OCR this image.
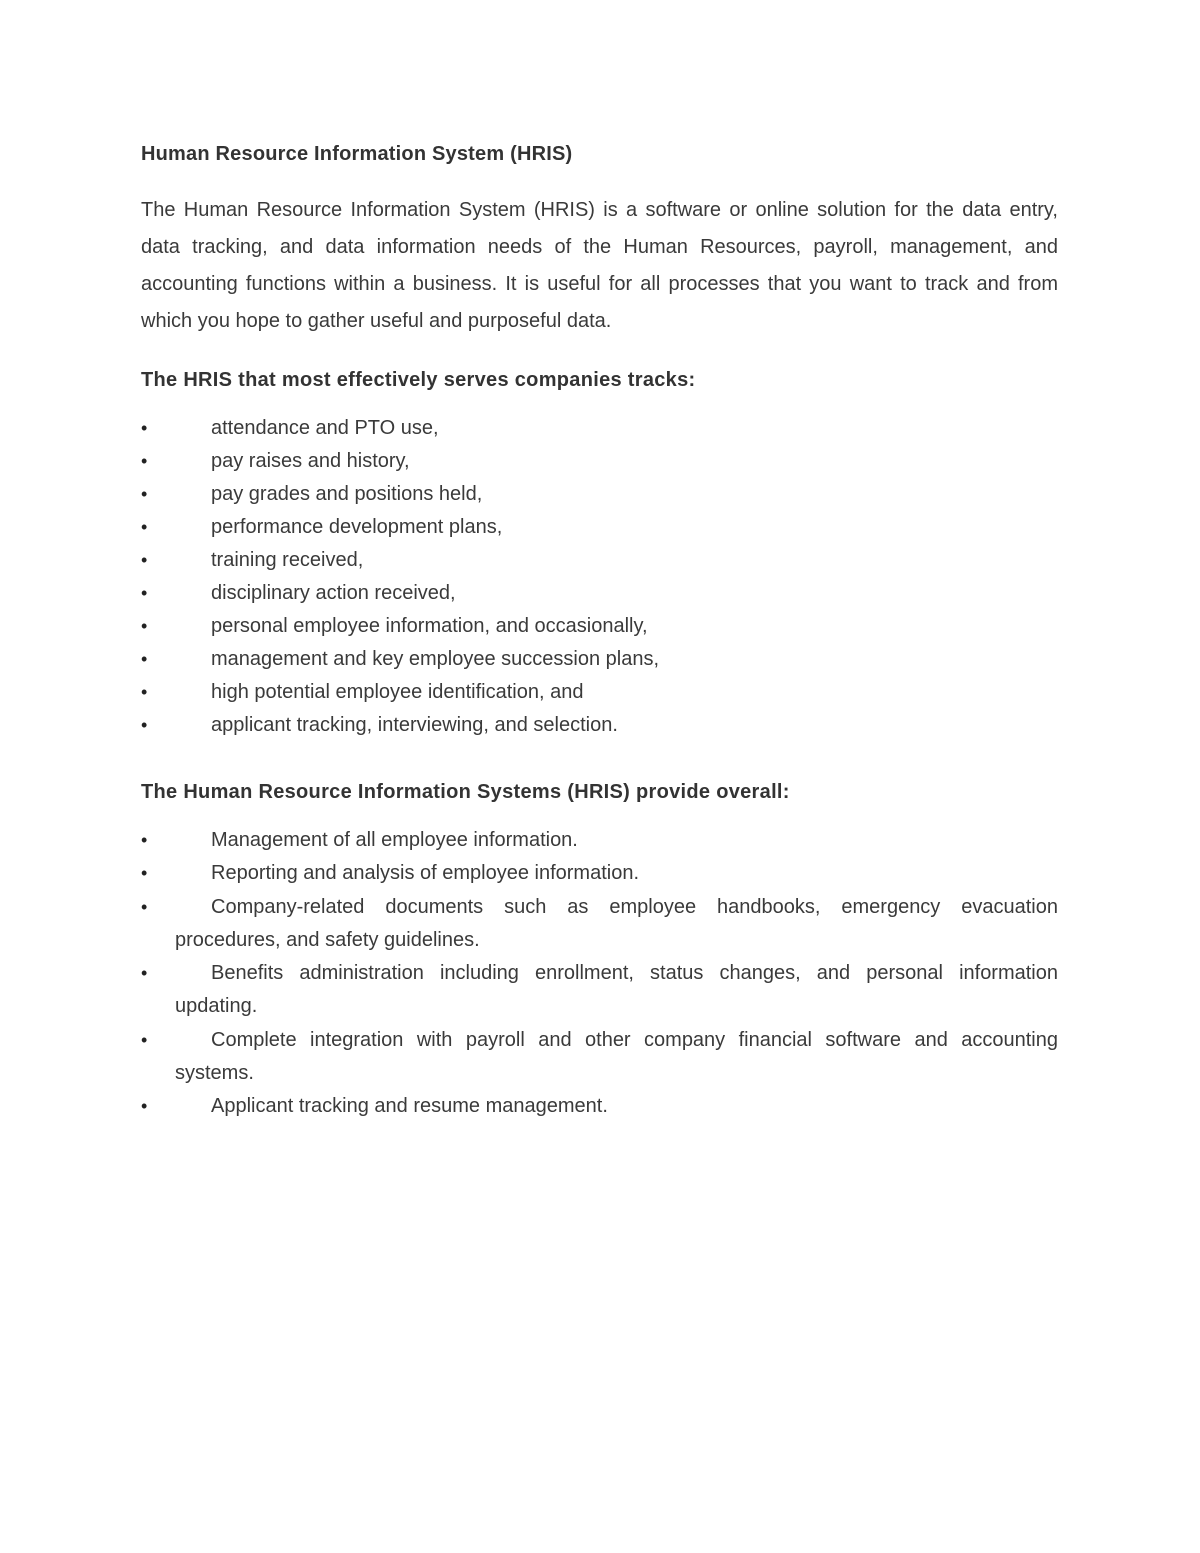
Human Resource Information System (HRIS)

The Human Resource Information System (HRIS) is a software or online solution for the data entry, data tracking, and data information needs of the Human Resources, payroll, management, and accounting functions within a business. It is useful for all processes that you want to track and from which you hope to gather useful and purposeful data.

The HRIS that most effectively serves companies tracks:
•	attendance and PTO use,
•	pay raises and history,
•	pay grades and positions held,
•	performance development plans,
•	training received,
•	disciplinary action received,
•	personal employee information, and occasionally,
•	management and key employee succession plans,
•	high potential employee identification, and
•	applicant tracking, interviewing, and selection.
The Human Resource Information Systems (HRIS) provide overall:
•	Management of all employee information.
•	Reporting and analysis of employee information.
•	Company-related documents such as employee handbooks, emergency evacuation procedures, and safety guidelines.
•	Benefits administration including enrollment, status changes, and personal information updating.
•	Complete integration with payroll and other company financial software and accounting systems.
•	Applicant tracking and resume management.
